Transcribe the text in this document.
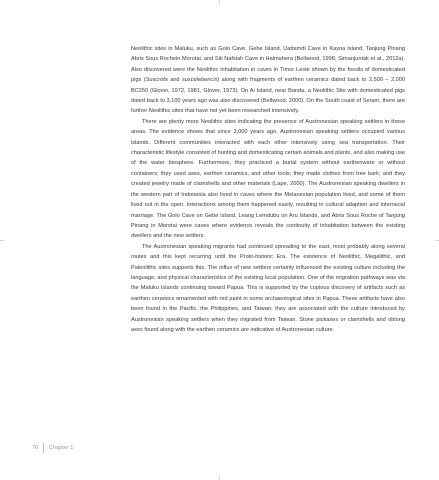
Neolithic sites in Maluku, such as Golo Cave, Gebe Island, Uattamdi Cave in Kayoa Island, Tanjung Pinang Abris Sous Rochein Morotai, and Siti Nafsiah Cave in Halmahera (Bellwood, 1998, Simanjuntak et al., 2012a). Also discovered were the Neolithic inhabitation in caves in Timor Leste shown by the fossils of domesticated pigs (Suscrofa and suscelebencis) along with fragments of earthen ceramics dated back to 2,500 – 2,000 BC250 (Glover, 1972, 1981, Glover, 1973). On Ai Island, near Banda, a Neolithic Site with domesticated pigs dated back to 3,100 years ago was also discovered (Bellwood, 2000). On the South coast of Seram, there are further Neolithic sites that have not yet been researched intensively.

There are plenty more Neolithic sites indicating the presence of Austronesian speaking settlers in these areas. The evidence shows that since 3,000 years ago, Austronesian speaking settlers occupied various islands. Different communities interacted with each other intensively using sea transportation. Their characteristic lifestyle consisted of hunting and domesticating certain animals and plants, and also making use of the water biosphere. Furthermore, they practiced a burial system without earthenware or without containers; they used axes, earthen ceramics, and other tools; they made clothes from tree bark; and they created jewelry made of clamshells and other materials (Lape, 2000). The Austronesian speaking dwellers in the western part of Indonesia also lived in caves where the Melanesian population lived, and some of them lived out in the open. Interactions among them happened easily, resulting in cultural adaption and interracial marriage. The Golo Cave on Gebe Island, Leang Lemdubu on Aru Islands, and Abris Sous Roche of Tanjung Pinang in Morotai were caves where evidence reveals the continuity of inhabitation between the existing dwellers and the new settlers.

The Austronesian speaking migrants had continued spreading to the east, most probably along several routes and this kept recurring until the Proto-historic Era. The existence of Neolithic, Megalithic, and Paleolithic sites supports this. The influx of new settlers certainly influenced the existing culture including the language, and physical characteristics of the existing local population. One of the migration pathways was via the Maluku Islands continuing toward Papua. This is supported by the copious discovery of artifacts such as earthen ceramics ornamented with red paint in some archaeological sites in Papua. These artifacts have also been found in the Pacific, the Philippines, and Taiwan; they are associated with the culture introduced by Austronesian speaking settlers when they migrated from Taiwan. Stone pickaxes or clamshells and oblong axes found along with the earthen ceramics are indicative of Austronesian culture.

70	Chapter 1
